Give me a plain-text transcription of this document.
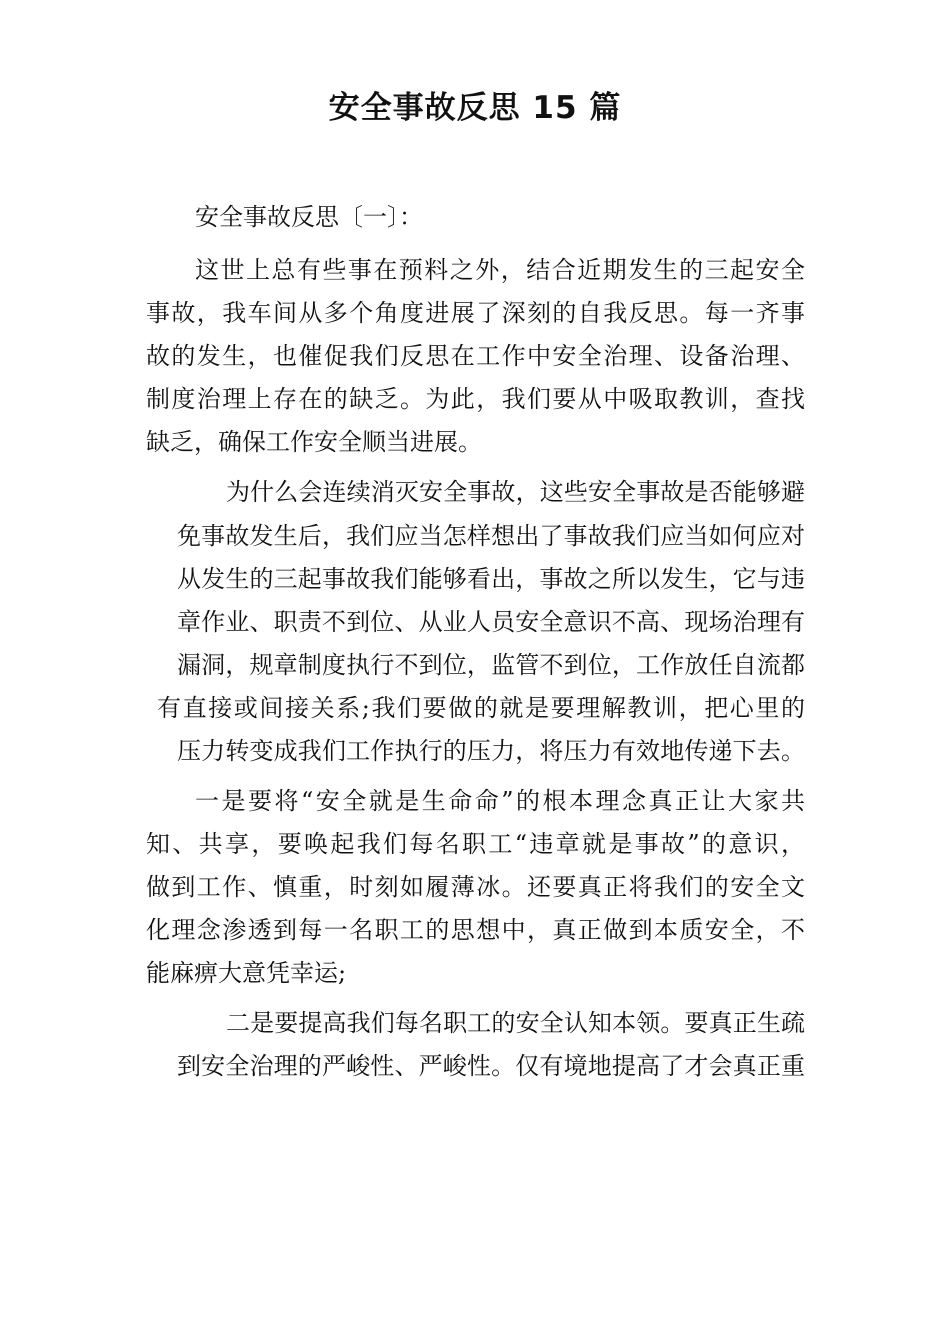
安全事故反思 15 篇
安全事故反思〔一〕：
这世上总有些事在预料之外，结合近期发生的三起安全
事故，我车间从多个角度进展了深刻的自我反思。每一齐事
故的发生，也催促我们反思在工作中安全治理、设备治理、
制度治理上存在的缺乏。为此，我们要从中吸取教训，查找
缺乏，确保工作安全顺当进展。
为什么会连续消灭安全事故，这些安全事故是否能够避
免事故发生后，我们应当怎样想出了事故我们应当如何应对
从发生的三起事故我们能够看出，事故之所以发生，它与违
章作业、职责不到位、从业人员安全意识不高、现场治理有
漏洞，规章制度执行不到位，监管不到位，工作放任自流都
有直接或间接关系;我们要做的就是要理解教训，把心里的
压力转变成我们工作执行的压力，将压力有效地传递下去。
一是要将“安全就是生命命”的根本理念真正让大家共
知、共享，要唤起我们每名职工“违章就是事故”的意识，
做到工作、慎重，时刻如履薄冰。还要真正将我们的安全文
化理念渗透到每一名职工的思想中，真正做到本质安全，不
能麻痹大意凭幸运;
二是要提高我们每名职工的安全认知本领。要真正生疏
到安全治理的严峻性、严峻性。仅有境地提高了才会真正重
